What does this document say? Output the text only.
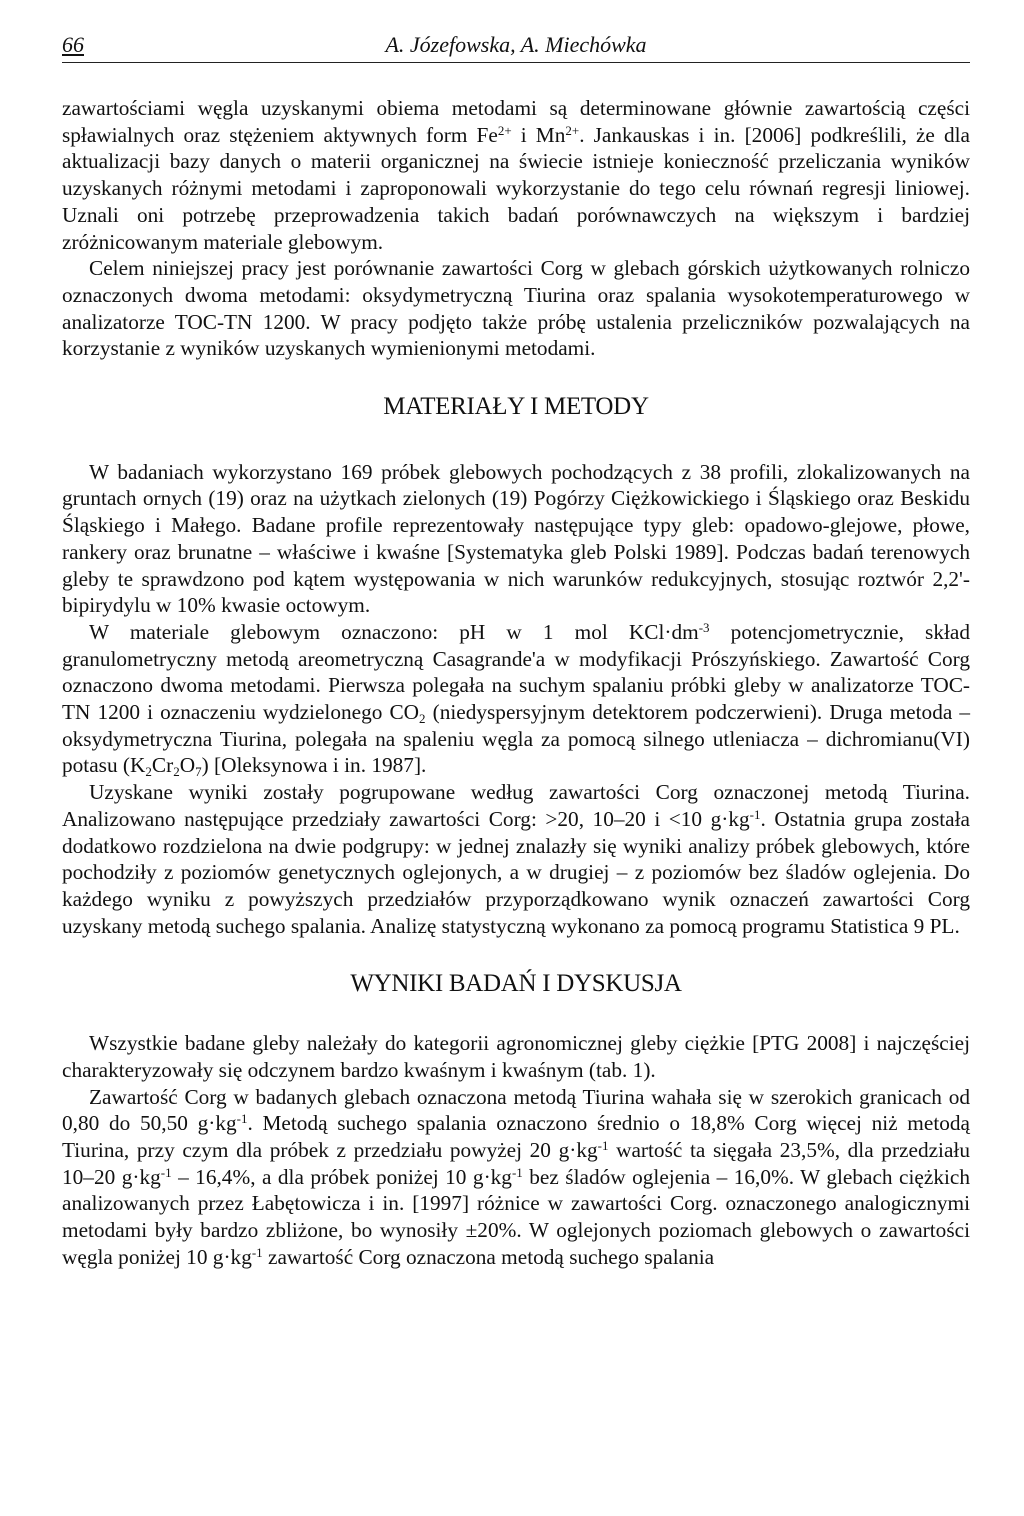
66	A. Józefowska, A. Miechówka

zawartościami węgla uzyskanymi obiema metodami są determinowane głównie zawartością części spławialnych oraz stężeniem aktywnych form $Fe^{2+}$ i $Mn^{2+}$. Jankauskas i in. [2006] podkreślili, że dla aktualizacji bazy danych o materii organicznej na świecie istnieje konieczność przeliczania wyników uzyskanych różnymi metodami i zaproponowali wykorzystanie do tego celu równań regresji liniowej. Uznali oni potrzebę przeprowadzenia takich badań porównawczych na większym i bardziej zróżnicowanym materiale glebowym.

Celem niniejszej pracy jest porównanie zawartości Corg w glebach górskich użytkowanych rolniczo oznaczonych dwoma metodami: oksydymetryczną Tiurina oraz spalania wysokotemperaturowego w analizatorze TOC-TN 1200. W pracy podjęto także próbę ustalenia przeliczników pozwalających na korzystanie z wyników uzyskanych wymienionymi metodami.

MATERIAŁY I METODY

W badaniach wykorzystano 169 próbek glebowych pochodzących z 38 profili, zlokalizowanych na gruntach ornych (19) oraz na użytkach zielonych (19) Pogórzy Ciężkowickiego i Śląskiego oraz Beskidu Śląskiego i Małego. Badane profile reprezentowały następujące typy gleb: opadowo-glejowe, płowe, rankery oraz brunatne – właściwe i kwaśne [Systematyka gleb Polski 1989]. Podczas badań terenowych gleby te sprawdzono pod kątem występowania w nich warunków redukcyjnych, stosując roztwór 2,2'-bipirydylu w 10% kwasie octowym.

W materiale glebowym oznaczono: pH w 1 mol $KCl\cdot dm^{-3}$ potencjometrycznie, skład granulometryczny metodą areometryczną Casagrande'a w modyfikacji Prószyńskiego. Zawartość Corg oznaczono dwoma metodami. Pierwsza polegała na suchym spalaniu próbki gleby w analizatorze TOC-TN 1200 i oznaczeniu wydzielonego $CO_2$ (niedyspersyjnym detektorem podczerwieni). Druga metoda – oksydymetryczna Tiurina, polegała na spaleniu węgla za pomocą silnego utleniacza – dichromianu(VI) potasu $(K_2Cr_2O_7)$ [Oleksynowa i in. 1987].

Uzyskane wyniki zostały pogrupowane według zawartości Corg oznaczonej metodą Tiurina. Analizowano następujące przedziały zawartości Corg: >20, 10–20 i <10 $g\cdot kg^{-1}$. Ostatnia grupa została dodatkowo rozdzielona na dwie podgrupy: w jednej znalazły się wyniki analizy próbek glebowych, które pochodziły z poziomów genetycznych oglejonych, a w drugiej – z poziomów bez śladów oglejenia. Do każdego wyniku z powyższych przedziałów przyporządkowano wynik oznaczeń zawartości Corg uzyskany metodą suchego spalania. Analizę statystyczną wykonano za pomocą programu Statistica 9 PL.

WYNIKI BADAŃ I DYSKUSJA

Wszystkie badane gleby należały do kategorii agronomicznej gleby ciężkie [PTG 2008] i najczęściej charakteryzowały się odczynem bardzo kwaśnym i kwaśnym (tab. 1).

Zawartość Corg w badanych glebach oznaczona metodą Tiurina wahała się w szerokich granicach od 0,80 do 50,50 $g\cdot kg^{-1}$. Metodą suchego spalania oznaczono średnio o 18,8% Corg więcej niż metodą Tiurina, przy czym dla próbek z przedziału powyżej 20 $g\cdot kg^{-1}$ wartość ta sięgała 23,5%, dla przedziału 10–20 $g\cdot kg^{-1} - 16,4\%$, a dla próbek poniżej 10 $g\cdot kg^{-1}$ bez śladów oglejenia – 16,0%. W glebach ciężkich analizowanych przez Łabętowicza i in. [1997] różnice w zawartości Corg. oznaczonego analogicznymi metodami były bardzo zbliżone, bo wynosiły ±20%. W oglejonych poziomach glebowych o zawartości węgla poniżej 10 $g\cdot kg^{-1}$ zawartość Corg oznaczona metodą suchego spalania
